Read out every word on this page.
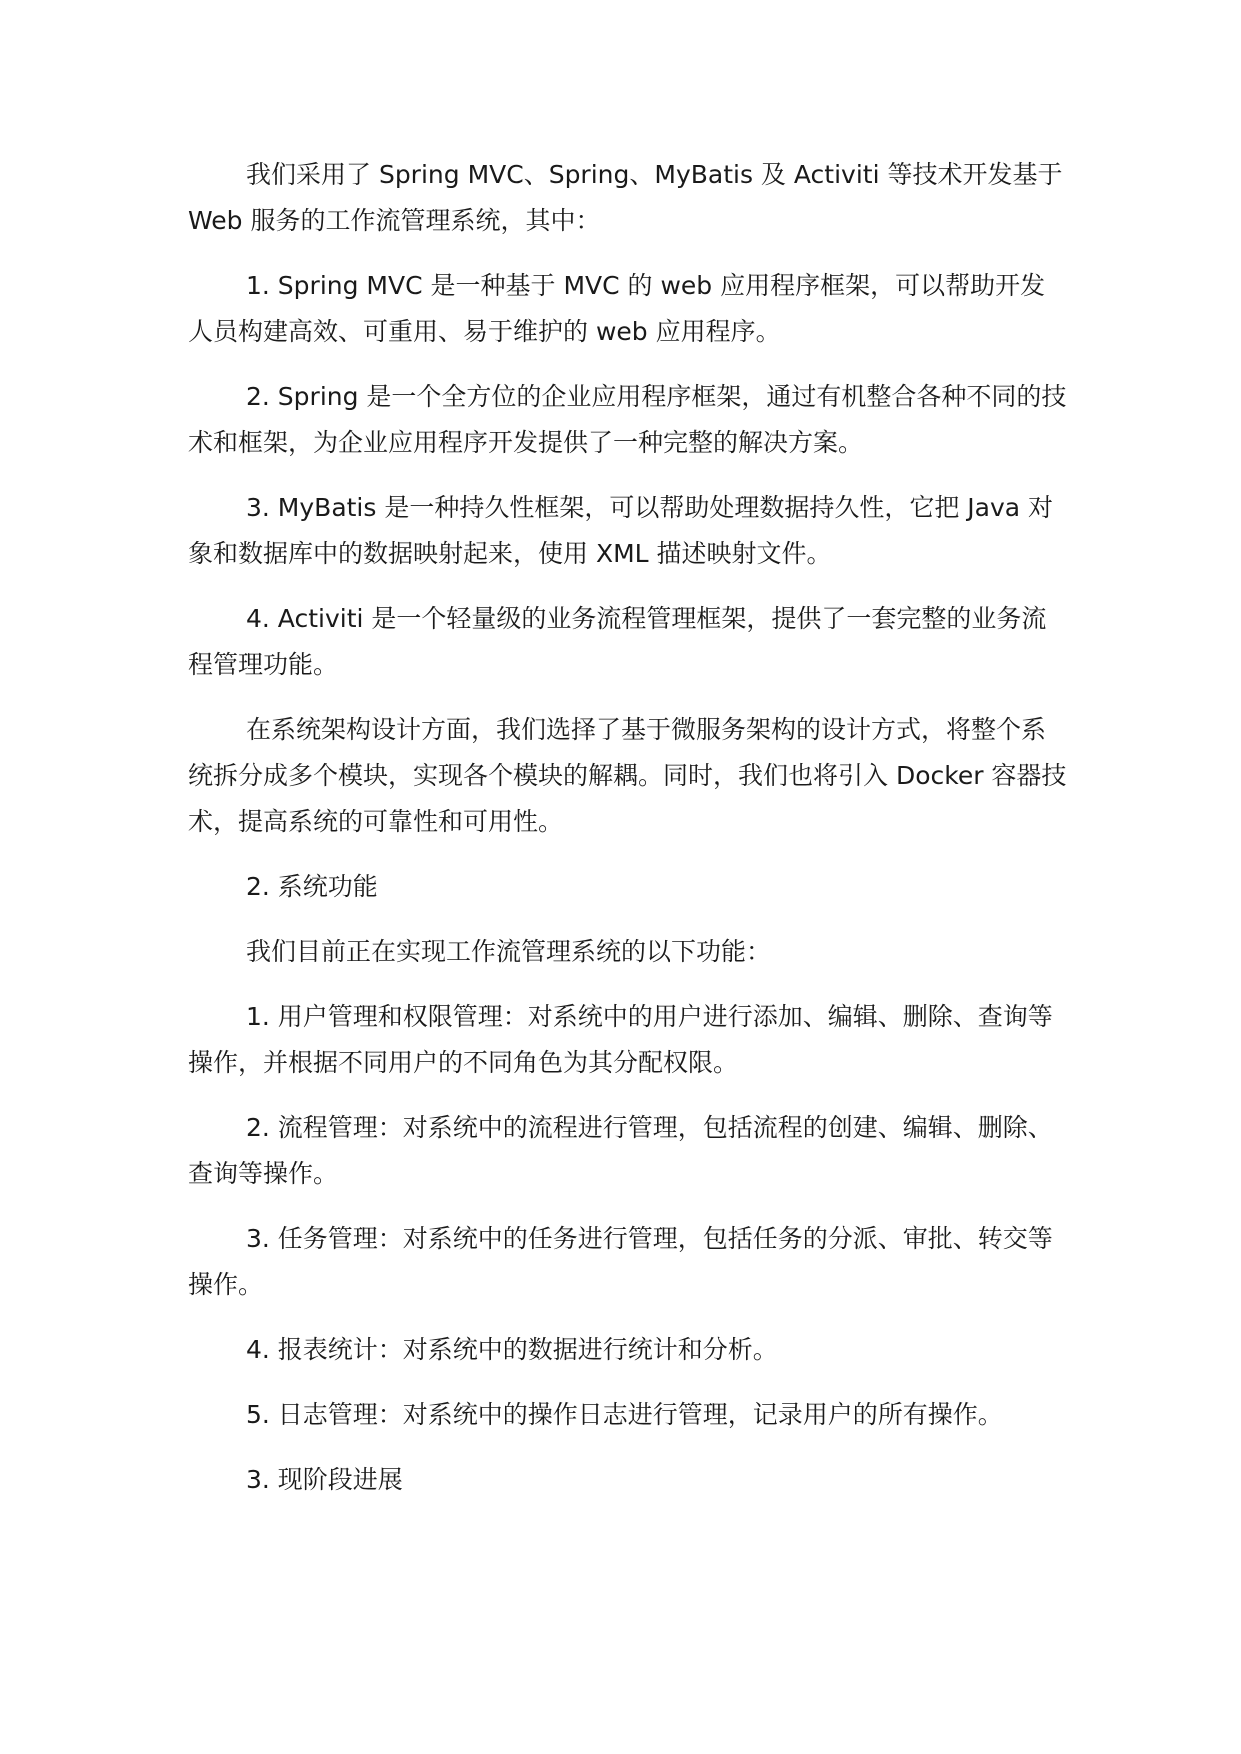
我们采用了 Spring MVC、Spring、MyBatis 及 Activiti 等技术开发基于 Web 服务的工作流管理系统，其中：

1. Spring MVC 是一种基于 MVC 的 web 应用程序框架，可以帮助开发人员构建高效、可重用、易于维护的 web 应用程序。

2. Spring 是一个全方位的企业应用程序框架，通过有机整合各种不同的技术和框架，为企业应用程序开发提供了一种完整的解决方案。

3. MyBatis 是一种持久性框架，可以帮助处理数据持久性，它把 Java 对象和数据库中的数据映射起来，使用 XML 描述映射文件。

4. Activiti 是一个轻量级的业务流程管理框架，提供了一套完整的业务流程管理功能。

在系统架构设计方面，我们选择了基于微服务架构的设计方式，将整个系统拆分成多个模块，实现各个模块的解耦。同时，我们也将引入 Docker 容器技术，提高系统的可靠性和可用性。

2. 系统功能

我们目前正在实现工作流管理系统的以下功能：

1. 用户管理和权限管理：对系统中的用户进行添加、编辑、删除、查询等操作，并根据不同用户的不同角色为其分配权限。

2. 流程管理：对系统中的流程进行管理，包括流程的创建、编辑、删除、查询等操作。

3. 任务管理：对系统中的任务进行管理，包括任务的分派、审批、转交等操作。

4. 报表统计：对系统中的数据进行统计和分析。

5. 日志管理：对系统中的操作日志进行管理，记录用户的所有操作。

3. 现阶段进展
